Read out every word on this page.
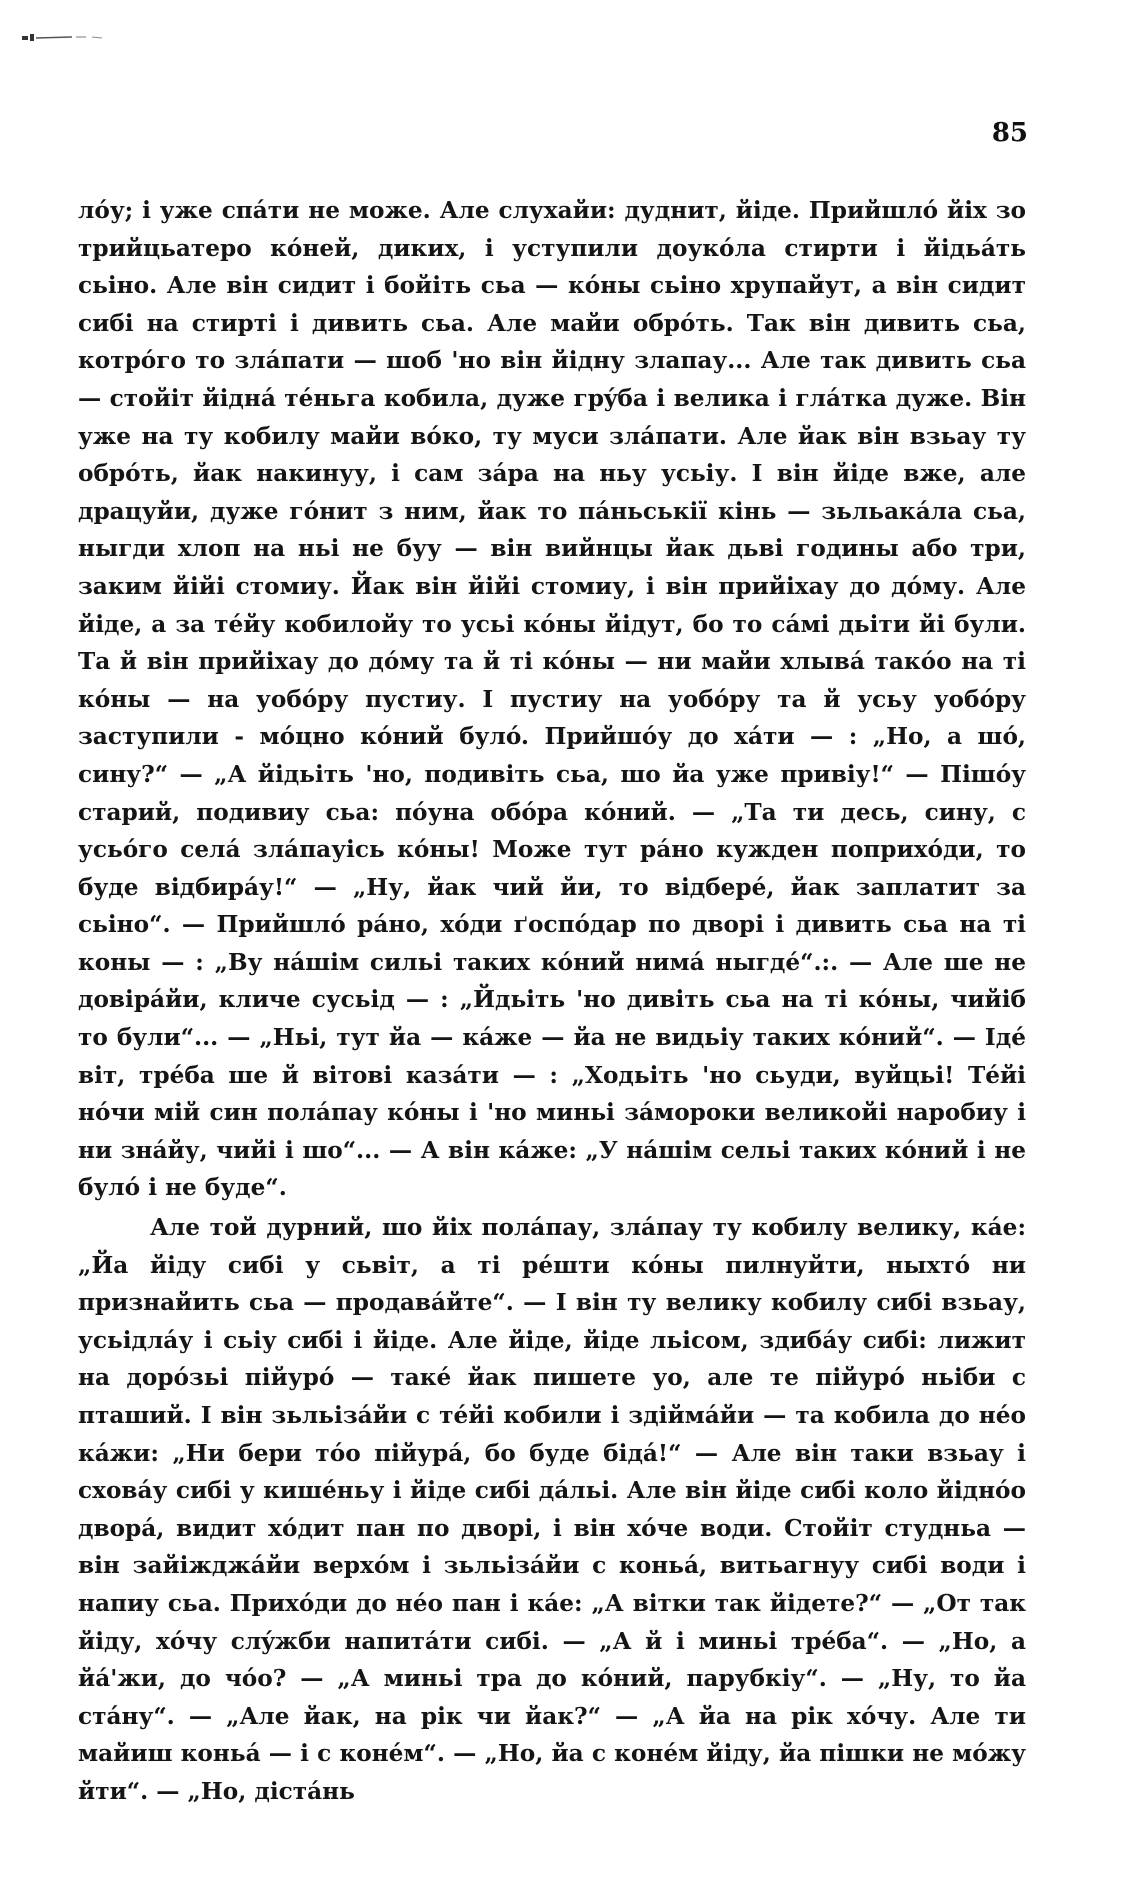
85

лóу; і уже спáти не може. Але слухайи: дуднит, йіде. Прийшлó йіх зо трийцьатеро кóней, диких, і уступили доукóла стирти і йідьáть сьіно. Але він сидит і бойіть сьа — кóны сьіно хрупайут, а він сидит сибі на стирті і дивить сьа. Але майи обрóть. Так він дивить сьа, котрóго то злáпати — шоб 'но він йідну злапау... Але так дивить сьа — стойіт йіднá тéньга кобила, дуже грýба і велика і глáтка дуже. Він уже на ту кобилу майи вóко, ту муси злáпати. Але йак він взьау ту обрóть, йак накинуу, і сам зáра на ньу усьіу. І він йіде вже, але драцуйи, дуже гóнит з ним, йак то пáньськії кінь — зьльакáла сьа, ныгди хлоп на ньі не буу — він вийнцы йак дьві годины або три, заким йійі стомиу. Йак він йійі стомиу, і він прийіхау до дóму. Але йіде, а за тéйу кобилойу то усьі кóны йідут, бо то сáмі дьіти йі були. Та й він прийіхау до дóму та й ті кóны — ни майи хлывá такóо на ті кóны — на уобóру пустиу. І пустиу на уобóру та й усьу уобóру заступили - мóцно кóний булó. Прийшóу до хáти — : „Но, а шó, сину?“ — „А йідьіть 'но, подивіть сьа, шо йа уже привіу!“ — Пішóу старий, подивиу сьа: пóуна обóра кóний. — „Та ти десь, сину, с усьóго селá злáпауісь кóны! Може тут рáно кужден поприхóди, то буде відбирáу!“ — „Ну, йак чий йи, то відберé, йак заплатит за сьіно“. — Прийшлó рáно, хóди ґоспóдар по дворі і дивить сьа на ті коны — : „Ву нáшім сильі таких кóний нимá ныгдé“.:. — Але ше не довірáйи, кличе сусьід — : „Йдьіть 'но дивіть сьа на ті кóны, чийіб то були“... — „Ньі, тут йа — кáже — йа не видьіу таких кóний“. — Ідé віт, трéба ше й вітові казáти — : „Ходьіть 'но сьуди, вуйцьі! Тéйі нóчи мій син полáпау кóны і 'но миньі зáмороки великойі наробиу і ни знáйу, чийі і шо“... — А він кáже: „У нáшім сельі таких кóний і не булó і не буде“.

Але той дурний, шо йіх полáпау, злáпау ту кобилу велику, кáе: „Йа йіду сибі у сьвіт, а ті рéшти кóны пилнуйти, ныхтó ни признайить сьа — продавáйте“. — І він ту велику кобилу сибі взьау, усьідлáу і сьіу сибі і йіде. Але йіде, йіде льісом, здибáу сибі: лижит на дорóзьі пійурó — такé йак пишете уо, але те пійурó ньіби с пташий. І він зьльізáйи с тéйі кобили і здіймáйи — та кобила до нéо кáжи: „Ни бери тóо пійурá, бо буде бідá!“ — Але він таки взьау і сховáу сибі у кишéньу і йіде сибі дáльі. Але він йіде сибі коло йіднóо дворá, видит хóдит пан по дворі, і він хóче води. Стойіт студньа — він зайіжджáйи верхóм і зьльізáйи с коньá, витьагнуу сибі води і напиу сьа. Прихóди до нéо пан і кáе: „А вітки так йідете?“ — „От так йіду, хóчу слýжби напитáти сибі. — „А й і миньі трéба“. — „Но, а йá'жи, до чóо? — „А миньі тра до кóний, парубкіу“. — „Ну, то йа стáну“. — „Але йак, на рік чи йак?“ — „А йа на рік хóчу. Але ти майиш коньá — і с конéм“. — „Но, йа с конéм йіду, йа пішки не мóжу йти“. — „Но, дістáнь
